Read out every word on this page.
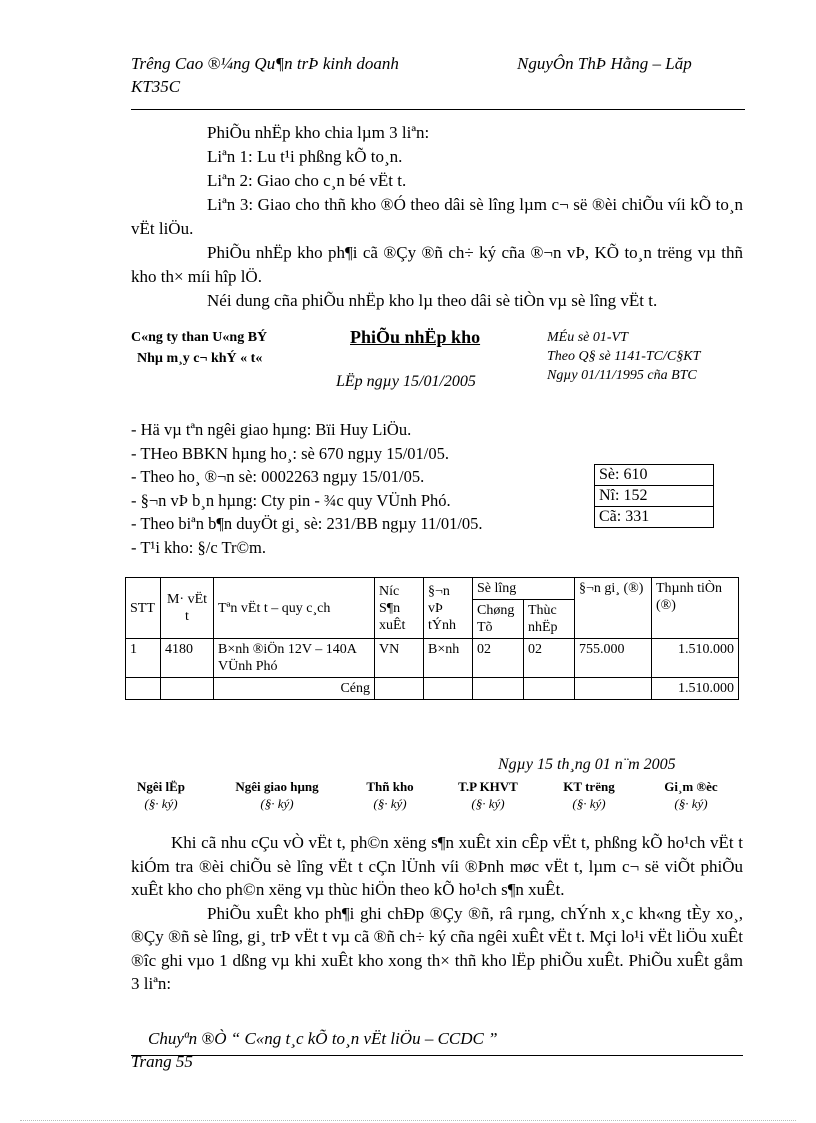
Trêng Cao ®¼ng Qu¶n trÞ kinh doanh	NguyÔn ThÞ Hằng – Lăp
KT35C

PhiÕu nhËp kho chia lµm 3 liªn:

Liªn 1: Lu t¹i phßng kÕ to¸n.

Liªn 2: Giao cho c¸n bé vËt t.

Liªn 3: Giao cho thñ kho ®Ó theo dâi sè lîng lµm c¬ së ®èi chiÕu víi kÕ to¸n vËt liÖu.

PhiÕu nhËp kho ph¶i cã ®Çy ®ñ ch÷ ký cña ®¬n vÞ, KÕ to¸n trëng vµ thñ kho th× míi hîp lÖ.

Néi dung cña phiÕu nhËp kho lµ theo dâi sè tiÒn vµ sè lîng vËt t.

C«ng ty than U«ng BÝ
Nhµ m¸y c¬ khÝ « t«
PhiÕu nhËp kho
LËp ngµy 15/01/2005
MÉu sè 01-VT
Theo Q§ sè 1141-TC/C§KT
Ngµy 01/11/1995 cña BTC
- Hä vµ tªn ngêi giao hµng: Bïi Huy LiÖu.
- THeo BBKN hµng ho¸: sè 670 ngµy 15/01/05.
- Theo ho¸ ®¬n sè: 0002263 ngµy 15/01/05.
- §¬n vÞ b¸n hµng: Cty pin - ¾c quy VÜnh Phó.
- Theo biªn b¶n duyÖt gi¸ sè: 231/BB ngµy 11/01/05.
- T¹i kho: §/c Tr©m.
Sè: 610
Nî: 152
Cã: 331
STT	M· vËt t	Tªn vËt t – quy c¸ch	Níc S¶n xuÊt	§¬n vÞ tÝnh	Sè lîng		§¬n gi¸ (®)	Thµnh tiÒn (®)
					Chøng Tõ	Thùc nhËp		
1	4180	B×nh ®iÖn 12V – 140A VÜnh Phó	VN	B×nh	02	02	755.000	1.510.000
		Céng						1.510.000
Ngµy 15 th¸ng 01 n¨m 2005
Ngêi lËp
(§· ký)
Ngêi giao hµng
(§· ký)
Thñ kho
(§· ký)
T.P KHVT
(§· ký)
KT trëng
(§· ký)
Gi¸m ®èc
(§· ký)

Khi cã nhu cÇu vÒ vËt t, ph©n xëng s¶n xuÊt xin cÊp vËt t, phßng kÕ ho¹ch vËt t kiÓm tra ®èi chiÕu sè lîng vËt t cÇn lÜnh víi ®Þnh møc vËt t, lµm c¬ së viÕt phiÕu xuÊt kho cho ph©n xëng vµ thùc hiÖn theo kÕ ho¹ch s¶n xuÊt.

PhiÕu xuÊt kho ph¶i ghi chÐp ®Çy ®ñ, râ rµng, chÝnh x¸c kh«ng tÈy xo¸, ®Çy ®ñ sè lîng, gi¸ trÞ vËt t vµ cã ®ñ ch÷ ký cña ngêi xuÊt vËt t. Mçi lo¹i vËt liÖu xuÊt ®îc ghi vµo 1 dßng vµ khi xuÊt kho xong th× thñ kho lËp phiÕu xuÊt. PhiÕu xuÊt gåm 3 liªn:

Chuyªn ®Ò “ C«ng t¸c kÕ to¸n vËt liÖu – CCDC ”
Trang 55
